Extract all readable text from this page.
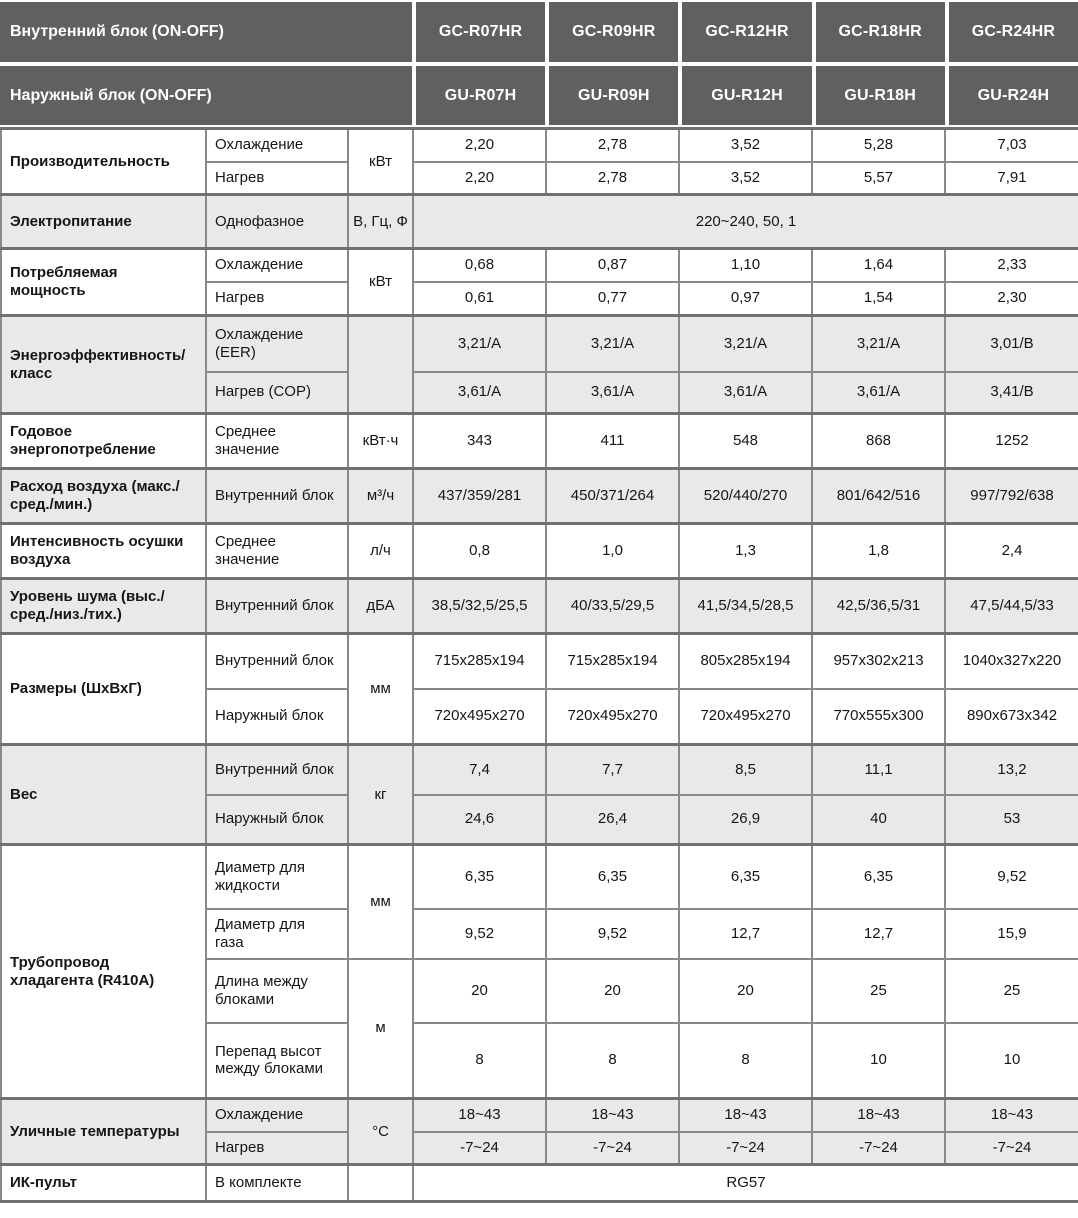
Внутренний блок (ON-OFF)	GC-R07HR	GC-R09HR	GC-R12HR	GC-R18HR	GC-R24HR
Наружный блок (ON-OFF)	GU-R07H	GU-R09H	GU-R12H	GU-R18H	GU-R24H
Производительность	Охлаждение	кВт	2,20	2,78	3,52	5,28	7,03
	Нагрев		2,20	2,78	3,52	5,57	7,91
Электропитание	Однофазное	В, Гц, Ф	220~240, 50, 1				
Потребляемая мощность	Охлаждение	кВт	0,68	0,87	1,10	1,64	2,33
	Нагрев		0,61	0,77	0,97	1,54	2,30
Энергоэффективность/класс	Охлаждение (EER)		3,21/A	3,21/A	3,21/A	3,21/A	3,01/B
	Нагрев (COP)		3,61/A	3,61/A	3,61/A	3,61/A	3,41/B
Годовое энергопотребление	Среднее значение	кВт·ч	343	411	548	868	1252
Расход воздуха (макс./сред./мин.)	Внутренний блок	м³/ч	437/359/281	450/371/264	520/440/270	801/642/516	997/792/638
Интенсивность осушки воздуха	Среднее значение	л/ч	0,8	1,0	1,3	1,8	2,4
Уровень шума (выс./сред./низ./тих.)	Внутренний блок	дБА	38,5/32,5/25,5	40/33,5/29,5	41,5/34,5/28,5	42,5/36,5/31	47,5/44,5/33
Размеры (ШхВхГ)	Внутренний блок	мм	715x285x194	715x285x194	805x285x194	957x302x213	1040x327x220
	Наружный блок		720x495x270	720x495x270	720x495x270	770x555x300	890x673x342
Вес	Внутренний блок	кг	7,4	7,7	8,5	11,1	13,2
	Наружный блок		24,6	26,4	26,9	40	53
Трубопровод хладагента (R410A)	Диаметр для жидкости	мм	6,35	6,35	6,35	6,35	9,52
	Диаметр для газа		9,52	9,52	12,7	12,7	15,9
	Длина между блоками	м	20	20	20	25	25
	Перепад высот между блоками		8	8	8	10	10
Уличные температуры	Охлаждение	°C	18~43	18~43	18~43	18~43	18~43
	Нагрев		-7~24	-7~24	-7~24	-7~24	-7~24
ИК-пульт	В комплекте		RG57				
